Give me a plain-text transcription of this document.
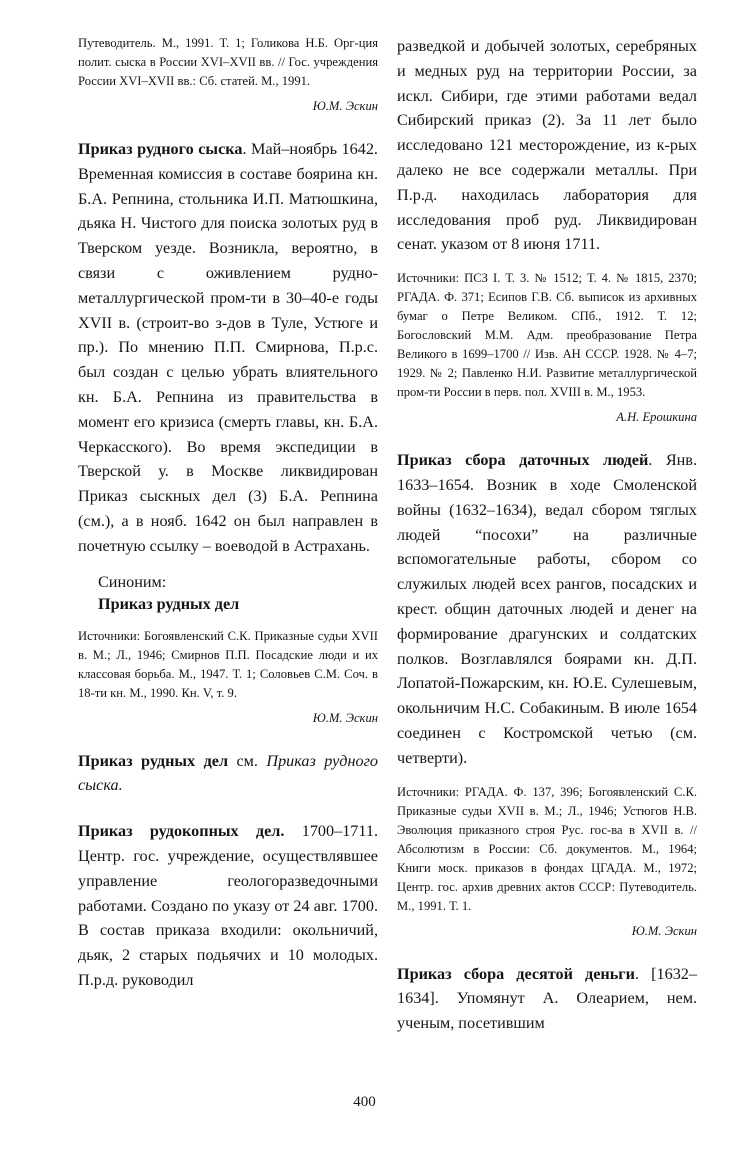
Путеводитель. М., 1991. Т. 1; Голикова Н.Б. Орг-ция полит. сыска в России XVI–XVII вв. // Гос. учреждения России XVI–XVII вв.: Сб. статей. М., 1991.

Ю.М. Эскин

Приказ рудного сыска. Май–ноябрь 1642. Временная комиссия в составе боярина кн. Б.А. Репнина, стольника И.П. Матюшкина, дьяка Н. Чистого для поиска золотых руд в Тверском уезде. Возникла, вероятно, в связи с оживлением рудно-металлургической пром-ти в 30–40-е годы XVII в. (строит-во з-дов в Туле, Устюге и пр.). По мнению П.П. Смирнова, П.р.с. был создан с целью убрать влиятельного кн. Б.А. Репнина из правительства в момент его кризиса (смерть главы, кн. Б.А. Черкасского). Во время экспедиции в Тверской у. в Москве ликвидирован Приказ сыскных дел (3) Б.А. Репнина (см.), а в нояб. 1642 он был направлен в почетную ссылку – воеводой в Астрахань.

Синоним:

Приказ рудных дел

Источники: Богоявленский С.К. Приказные судьи XVII в. М.; Л., 1946; Смирнов П.П. Посадские люди и их классовая борьба. М., 1947. Т. 1; Соловьев С.М. Соч. в 18-ти кн. М., 1990. Кн. V, т. 9.

Ю.М. Эскин

Приказ рудных дел см. Приказ рудного сыска.

Приказ рудокопных дел. 1700–1711. Центр. гос. учреждение, осуществлявшее управление геологоразведочными работами. Создано по указу от 24 авг. 1700. В состав приказа входили: окольничий, дьяк, 2 старых подьячих и 10 молодых. П.р.д. руководил

разведкой и добычей золотых, серебряных и медных руд на территории России, за искл. Сибири, где этими работами ведал Сибирский приказ (2). За 11 лет было исследовано 121 месторождение, из к-рых далеко не все содержали металлы. При П.р.д. находилась лаборатория для исследования проб руд. Ликвидирован сенат. указом от 8 июня 1711.

Источники: ПСЗ I. Т. 3. № 1512; Т. 4. № 1815, 2370; РГАДА. Ф. 371; Есипов Г.В. Сб. выписок из архивных бумаг о Петре Великом. СПб., 1912. Т. 12; Богословский М.М. Адм. преобразование Петра Великого в 1699–1700 // Изв. АН СССР. 1928. № 4–7; 1929. № 2; Павленко Н.И. Развитие металлургической пром-ти России в перв. пол. XVIII в. М., 1953.

А.Н. Ерошкина

Приказ сбора даточных людей. Янв. 1633–1654. Возник в ходе Смоленской войны (1632–1634), ведал сбором тяглых людей “посохи” на различные вспомогательные работы, сбором со служилых людей всех рангов, посадских и крест. общин даточных людей и денег на формирование драгунских и солдатских полков. Возглавлялся боярами кн. Д.П. Лопатой-Пожарским, кн. Ю.Е. Сулешевым, окольничим Н.С. Собакиным. В июле 1654 соединен с Костромской четью (см. четверти).

Источники: РГАДА. Ф. 137, 396; Богоявленский С.К. Приказные судьи XVII в. М.; Л., 1946; Устюгов Н.В. Эволюция приказного строя Рус. гос-ва в XVII в. // Абсолютизм в России: Сб. документов. М., 1964; Книги моск. приказов в фондах ЦГАДА. М., 1972; Центр. гос. архив древних актов СССР: Путеводитель. М., 1991. Т. 1.

Ю.М. Эскин

Приказ сбора десятой деньги. [1632–1634]. Упомянут А. Олеарием, нем. ученым, посетившим

400
